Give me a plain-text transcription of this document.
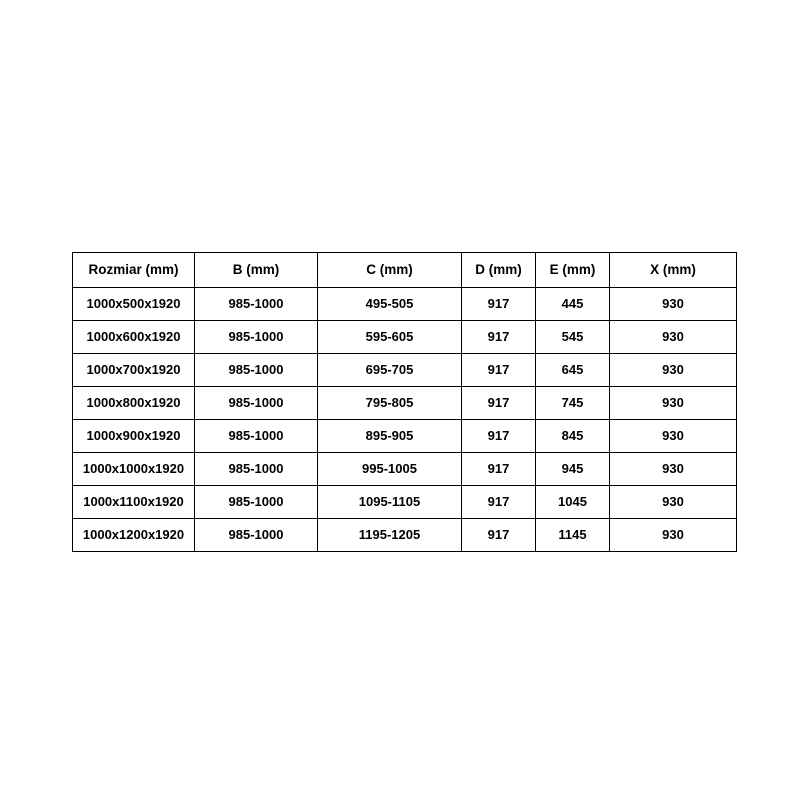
Rozmiar (mm)	B (mm)	C (mm)	D (mm)	E (mm)	X (mm)
1000x500x1920	985-1000	495-505	917	445	930
1000x600x1920	985-1000	595-605	917	545	930
1000x700x1920	985-1000	695-705	917	645	930
1000x800x1920	985-1000	795-805	917	745	930
1000x900x1920	985-1000	895-905	917	845	930
1000x1000x1920	985-1000	995-1005	917	945	930
1000x1100x1920	985-1000	1095-1105	917	1045	930
1000x1200x1920	985-1000	1195-1205	917	1145	930
